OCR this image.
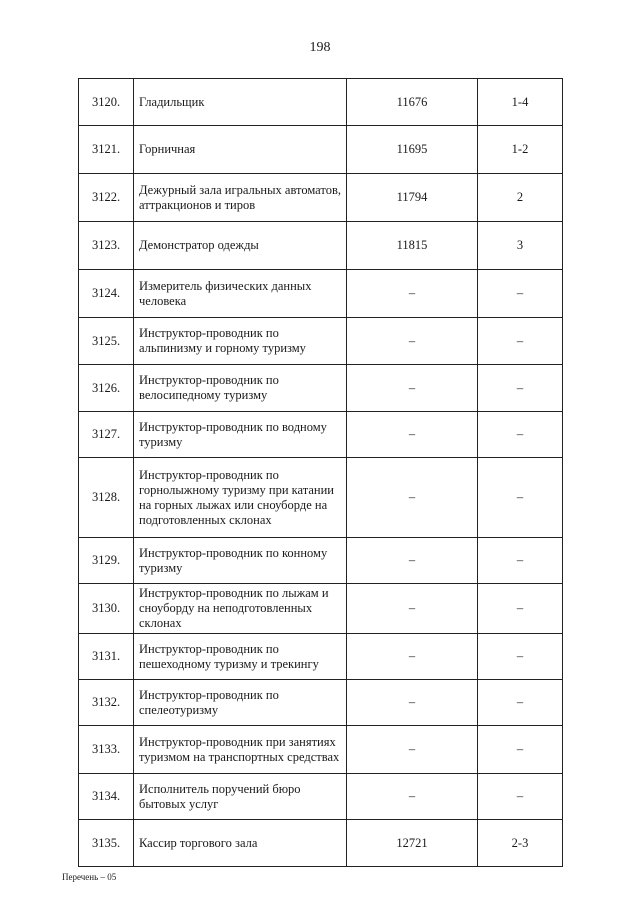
198
3120.	Гладильщик	11676	1-4
3121.	Горничная	11695	1-2
3122.	Дежурный зала игральных автоматов, аттракционов и тиров	11794	2
3123.	Демонстратор одежды	11815	3
3124.	Измеритель физических данных человека	–	–
3125.	Инструктор-проводник по альпинизму и горному туризму	–	–
3126.	Инструктор-проводник по велосипедному туризму	–	–
3127.	Инструктор-проводник по водному туризму	–	–
3128.	Инструктор-проводник по горнолыжному туризму при катании на горных лыжах или сноуборде на подготовленных склонах	–	–
3129.	Инструктор-проводник по конному туризму	–	–
3130.	Инструктор-проводник по лыжам и сноуборду на неподготовленных склонах	–	–
3131.	Инструктор-проводник по пешеходному туризму и трекингу	–	–
3132.	Инструктор-проводник по спелеотуризму	–	–
3133.	Инструктор-проводник при занятиях туризмом на транспортных средствах	–	–
3134.	Исполнитель поручений бюро бытовых услуг	–	–
3135.	Кассир торгового зала	12721	2-3
Перечень – 05
